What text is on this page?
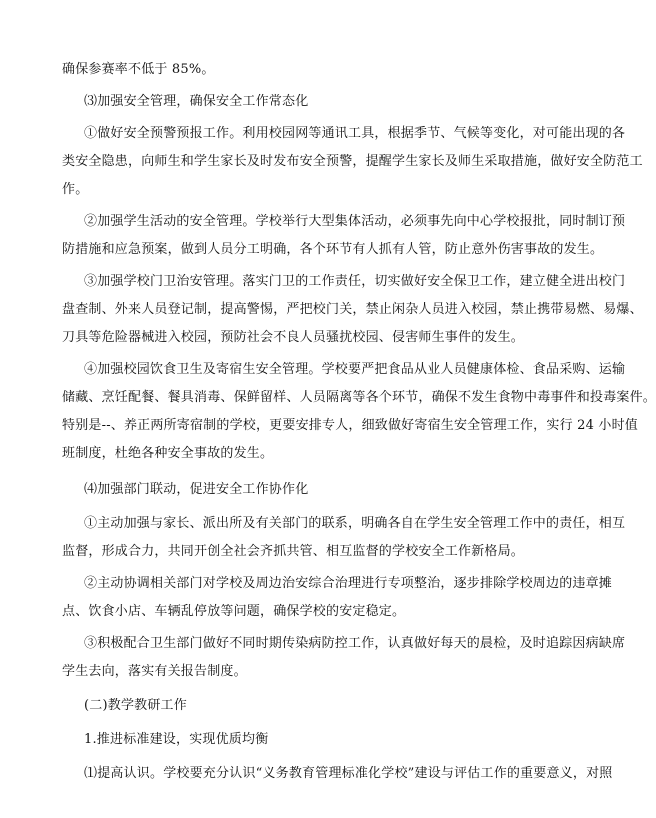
确保参赛率不低于 85%。
⑶加强安全管理，确保安全工作常态化
①做好安全预警预报工作。利用校园网等通讯工具，根据季节、气候等变化，对可能出现的各
类安全隐患，向师生和学生家长及时发布安全预警，提醒学生家长及师生采取措施，做好安全防范工
作。
②加强学生活动的安全管理。学校举行大型集体活动，必须事先向中心学校报批，同时制订预
防措施和应急预案，做到人员分工明确，各个环节有人抓有人管，防止意外伤害事故的发生。
③加强学校门卫治安管理。落实门卫的工作责任，切实做好安全保卫工作，建立健全进出校门
盘查制、外来人员登记制，提高警惕，严把校门关，禁止闲杂人员进入校园，禁止携带易燃、易爆、
刀具等危险器械进入校园，预防社会不良人员骚扰校园、侵害师生事件的发生。
④加强校园饮食卫生及寄宿生安全管理。学校要严把食品从业人员健康体检、食品采购、运输
储藏、烹饪配餐、餐具消毒、保鲜留样、人员隔离等各个环节，确保不发生食物中毒事件和投毒案件。
特别是--、养正两所寄宿制的学校，更要安排专人，细致做好寄宿生安全管理工作，实行 24 小时值
班制度，杜绝各种安全事故的发生。
⑷加强部门联动，促进安全工作协作化
①主动加强与家长、派出所及有关部门的联系，明确各自在学生安全管理工作中的责任，相互
监督，形成合力，共同开创全社会齐抓共管、相互监督的学校安全工作新格局。
②主动协调相关部门对学校及周边治安综合治理进行专项整治，逐步排除学校周边的违章摊
点、饮食小店、车辆乱停放等问题，确保学校的安定稳定。
③积极配合卫生部门做好不同时期传染病防控工作，认真做好每天的晨检，及时追踪因病缺席
学生去向，落实有关报告制度。
(二)教学教研工作
1.推进标准建设，实现优质均衡
⑴提高认识。学校要充分认识“义务教育管理标准化学校”建设与评估工作的重要意义，对照
